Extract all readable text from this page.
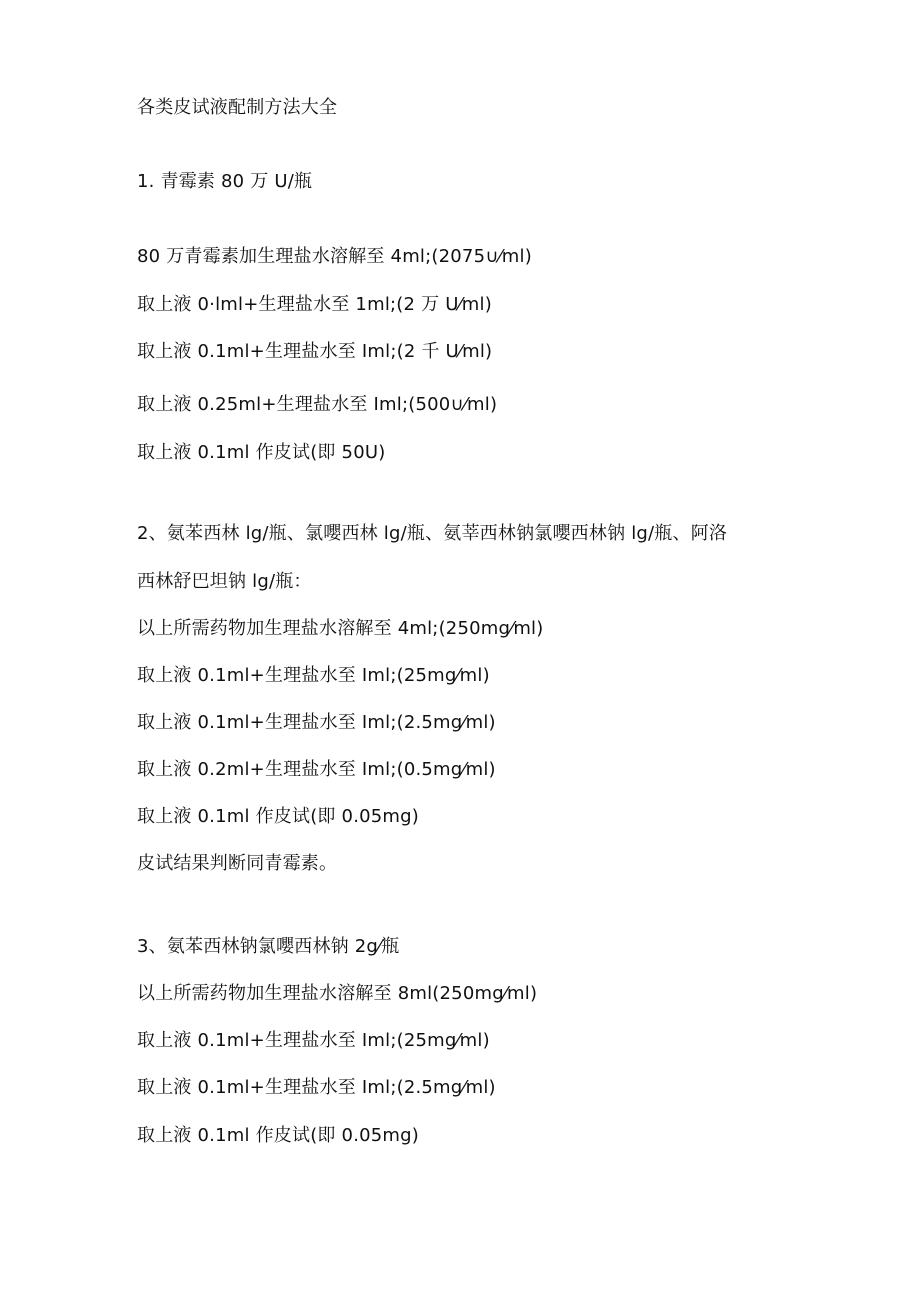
各类皮试液配制方法大全
1. 青霉素 80 万 U/瓶
80 万青霉素加生理盐水溶解至 4ml;(2075∪⁄ml)
取上液 0·lml+生理盐水至 1ml;(2 万 U⁄ml)
取上液 0.1ml+生理盐水至 Iml;(2 千 U⁄ml)
取上液 0.25ml+生理盐水至 Iml;(500∪⁄ml)
取上液 0.1ml 作皮试(即 50U)
2、氨苯西林 lg/瓶、氯嚶西林 lg/瓶、氨莘西林钠氯嚶西林钠 lg/瓶、阿洛
西林舒巴坦钠 lg/瓶：
以上所需药物加生理盐水溶解至 4ml;(250mg⁄ml)
取上液 0.1ml+生理盐水至 Iml;(25mg⁄ml)
取上液 0.1ml+生理盐水至 Iml;(2.5mg⁄ml)
取上液 0.2ml+生理盐水至 Iml;(0.5mg⁄ml)
取上液 0.1ml 作皮试(即 0.05mg)
皮试结果判断同青霉素。
3、氨苯西林钠氯嚶西林钠 2g⁄瓶
以上所需药物加生理盐水溶解至 8ml(250mg⁄ml)
取上液 0.1ml+生理盐水至 Iml;(25mg⁄ml)
取上液 0.1ml+生理盐水至 Iml;(2.5mg⁄ml)
取上液 0.1ml 作皮试(即 0.05mg)
